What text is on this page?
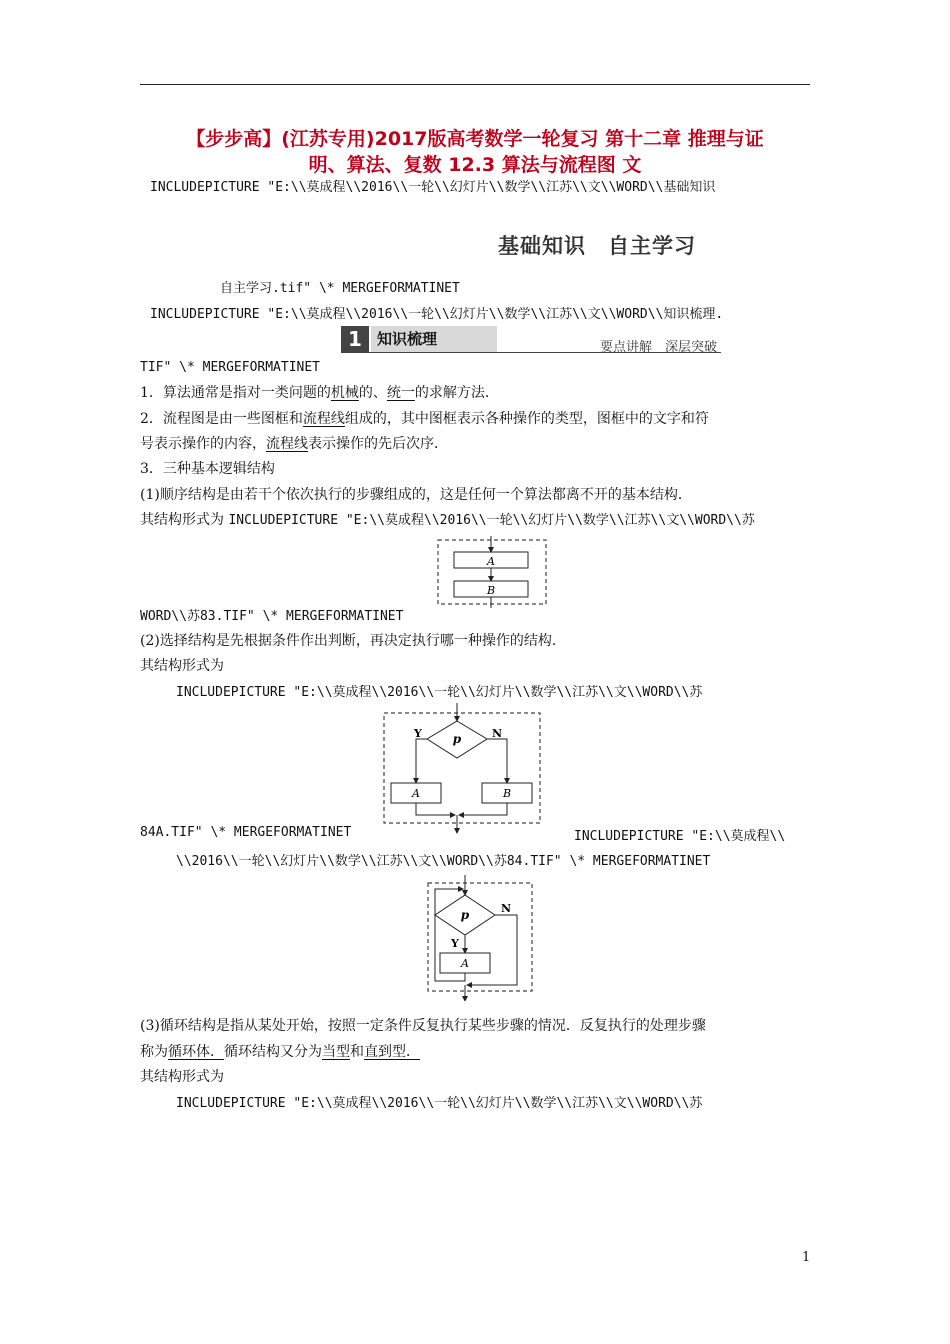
【步步高】(江苏专用)2017版高考数学一轮复习 第十二章 推理与证
明、算法、复数 12.3 算法与流程图 文
INCLUDEPICTURE "E:\\莫成程\\2016\\一轮\\幻灯片\\数学\\江苏\\文\\WORD\\基础知识
基础知识　自主学习
自主学习.tif" \* MERGEFORMATINET
INCLUDEPICTURE "E:\\莫成程\\2016\\一轮\\幻灯片\\数学\\江苏\\文\\WORD\\知识梳理.
1	知识梳理	要点讲解　深层突破
TIF" \* MERGEFORMATINET
1．算法通常是指对一类问题的机械的、统一的求解方法．
2．流程图是由一些图框和流程线组成的，其中图框表示各种操作的类型，图框中的文字和符
号表示操作的内容，流程线表示操作的先后次序．
3．三种基本逻辑结构
(1)顺序结构是由若干个依次执行的步骤组成的，这是任何一个算法都离不开的基本结构．
其结构形式为 INCLUDEPICTURE "E:\\莫成程\\2016\\一轮\\幻灯片\\数学\\江苏\\文\\WORD\\苏
A
B
WORD\\苏83.TIF" \* MERGEFORMATINET
(2)选择结构是先根据条件作出判断，再决定执行哪一种操作的结构．
其结构形式为
INCLUDEPICTURE "E:\\莫成程\\2016\\一轮\\幻灯片\\数学\\江苏\\文\\WORD\\苏
p
Y	N
A	B
84A.TIF" \* MERGEFORMATINET	INCLUDEPICTURE "E:\\莫成程\\
\\2016\\一轮\\幻灯片\\数学\\江苏\\文\\WORD\\苏84.TIF" \* MERGEFORMATINET
p	N
Y
A
(3)循环结构是指从某处开始，按照一定条件反复执行某些步骤的情况．反复执行的处理步骤
称为循环体．循环结构又分为当型和直到型．
其结构形式为
INCLUDEPICTURE "E:\\莫成程\\2016\\一轮\\幻灯片\\数学\\江苏\\文\\WORD\\苏
1
